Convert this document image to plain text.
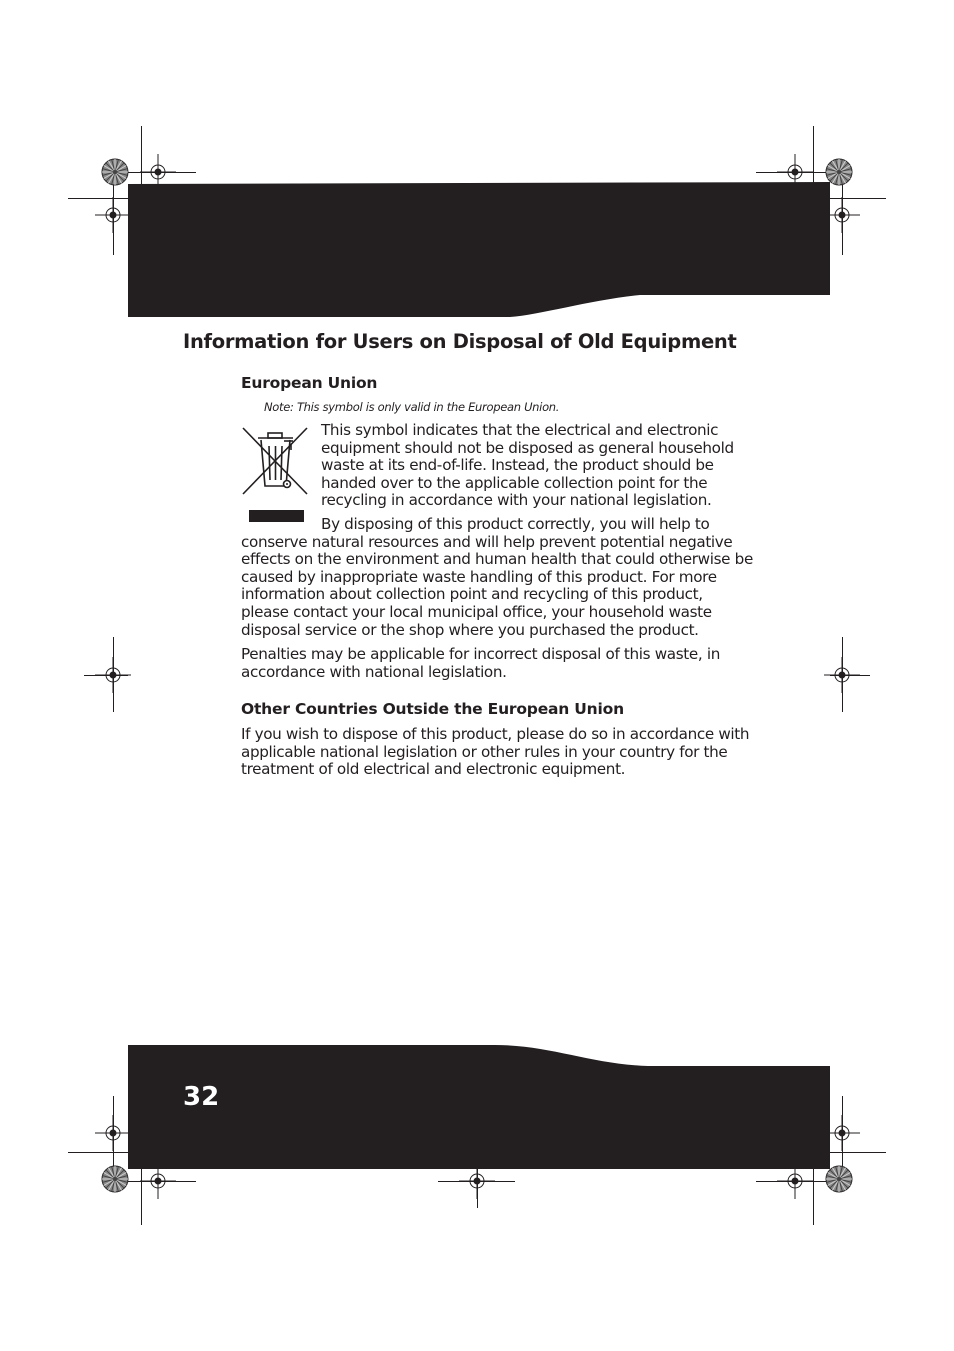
Information for Users on Disposal of Old Equipment
European Union

Note: This symbol is only valid in the European Union.

This symbol indicates that the electrical and electronic equipment should not be disposed as general household waste at its end-of-life. Instead, the product should be handed over to the applicable collection point for the recycling in accordance with your national legislation.

By disposing of this product correctly, you will help to conserve natural resources and will help prevent potential negative effects on the environment and human health that could otherwise be caused by inappropriate waste handling of this product. For more information about collection point and recycling of this product, please contact your local municipal office, your household waste disposal service or the shop where you purchased the product.

Penalties may be applicable for incorrect disposal of this waste, in accordance with national legislation.

Other Countries Outside the European Union

If you wish to dispose of this product, please do so in accordance with applicable national legislation or other rules in your country for the treatment of old electrical and electronic equipment.

32
